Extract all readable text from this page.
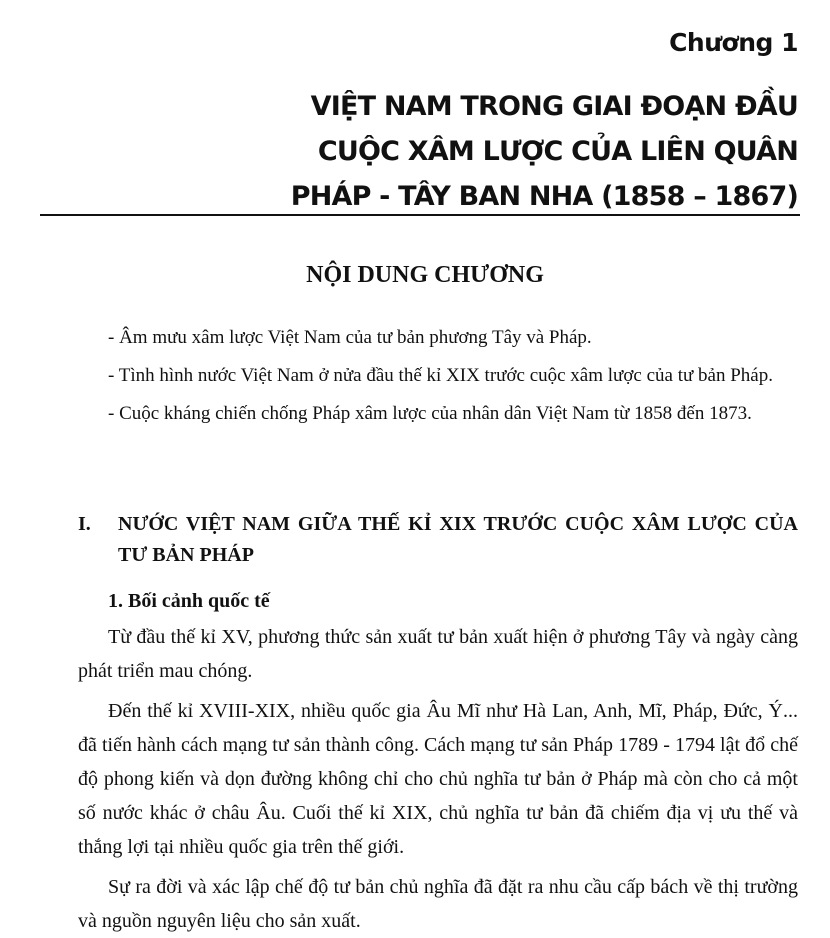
Chương 1
VIỆT NAM TRONG GIAI ĐOẠN ĐẦU
CUỘC XÂM LƯỢC CỦA LIÊN QUÂN
PHÁP - TÂY BAN NHA (1858 – 1867)
NỘI DUNG CHƯƠNG

- Âm mưu xâm lược Việt Nam của tư bản phương Tây và Pháp.

- Tình hình nước Việt Nam ở nửa đầu thế kỉ XIX trước cuộc xâm lược của tư bản Pháp.

- Cuộc kháng chiến chống Pháp xâm lược của nhân dân Việt Nam từ 1858 đến 1873.

I. NƯỚC VIỆT NAM GIỮA THẾ KỈ XIX TRƯỚC CUỘC XÂM LƯỢC CỦA TƯ BẢN PHÁP
1. Bối cảnh quốc tế

Từ đầu thế kỉ XV, phương thức sản xuất tư bản xuất hiện ở phương Tây và ngày càng phát triển mau chóng.

Đến thế kỉ XVIII-XIX, nhiều quốc gia Âu Mĩ như Hà Lan, Anh, Mĩ, Pháp, Đức, Ý... đã tiến hành cách mạng tư sản thành công. Cách mạng tư sản Pháp 1789 - 1794 lật đổ chế độ phong kiến và dọn đường không chỉ cho chủ nghĩa tư bản ở Pháp mà còn cho cả một số nước khác ở châu Âu. Cuối thế kỉ XIX, chủ nghĩa tư bản đã chiếm địa vị ưu thế và thắng lợi tại nhiều quốc gia trên thế giới.

Sự ra đời và xác lập chế độ tư bản chủ nghĩa đã đặt ra nhu cầu cấp bách về thị trường và nguồn nguyên liệu cho sản xuất.
